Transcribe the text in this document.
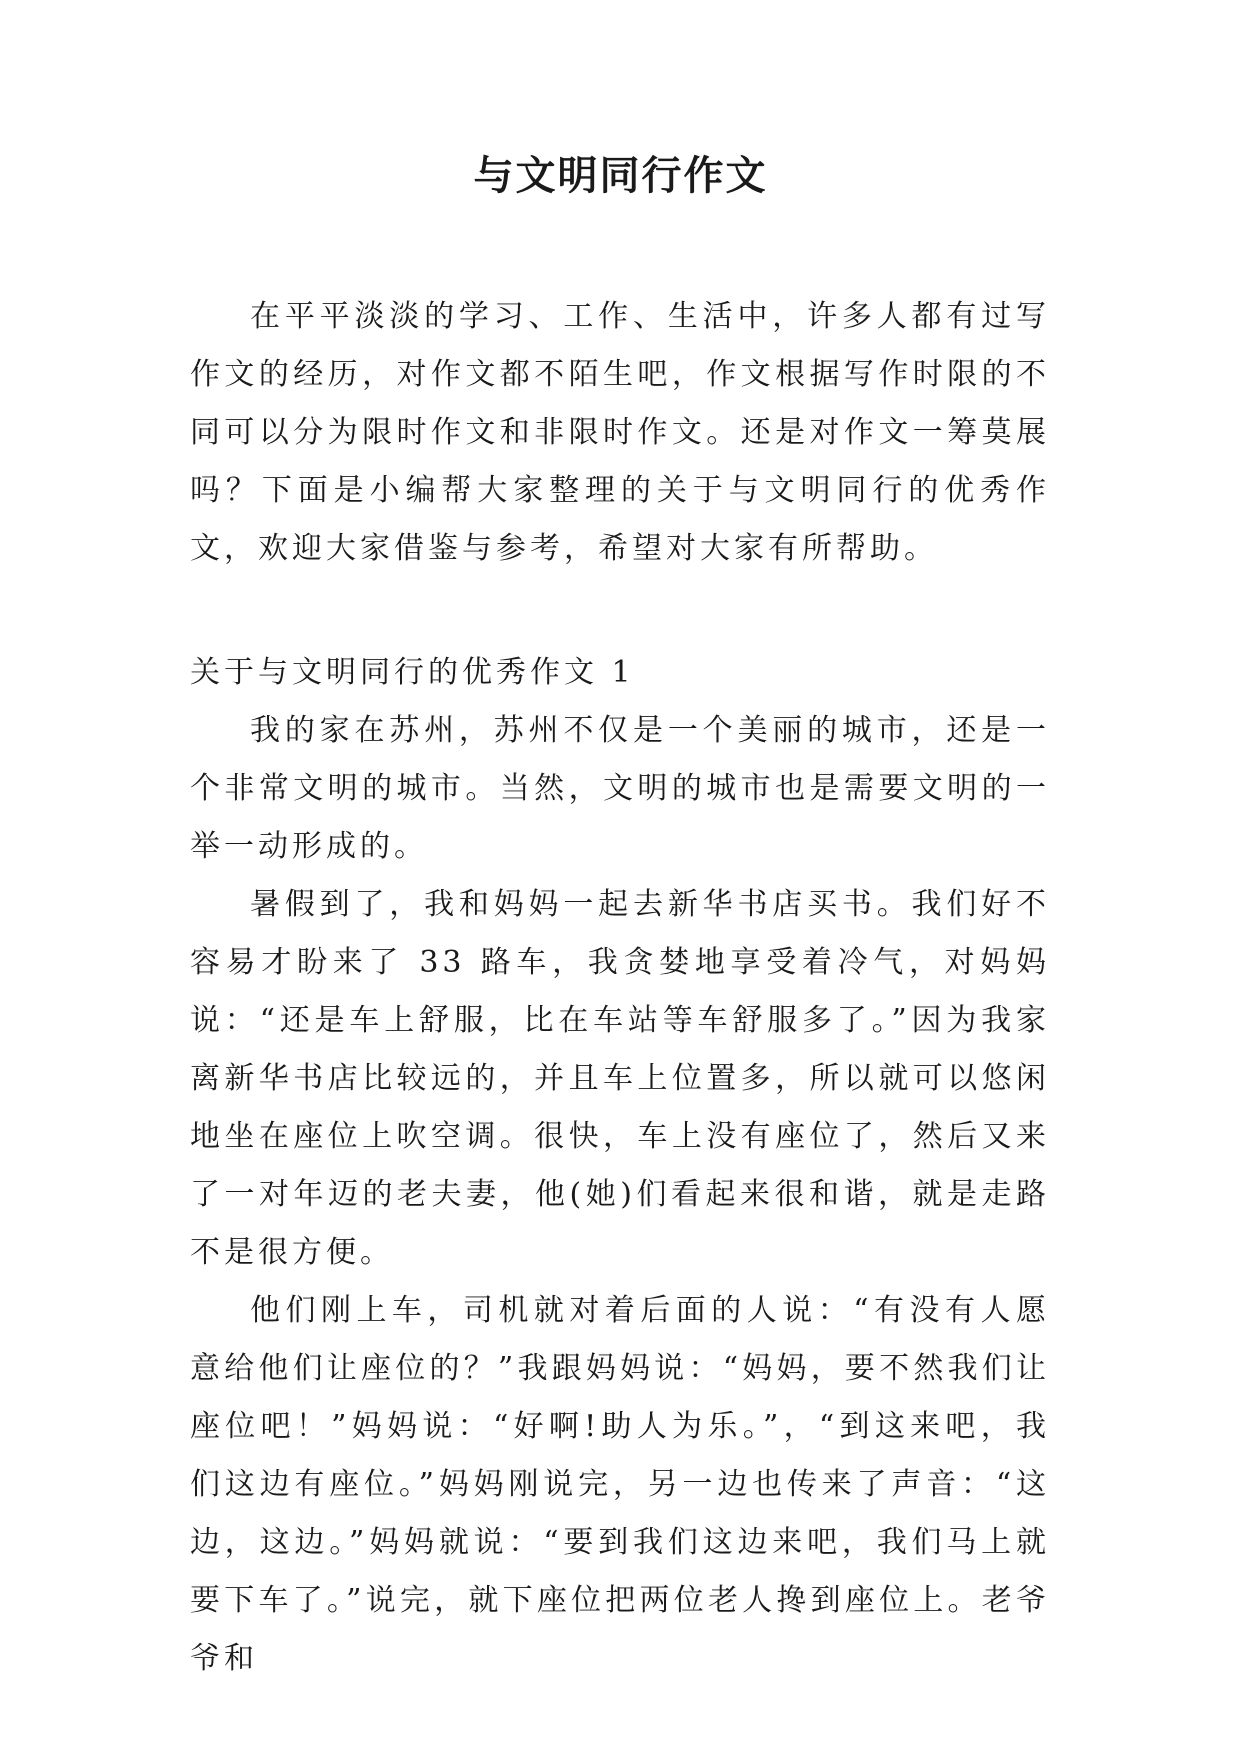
与文明同行作文

在平平淡淡的学习、工作、生活中，许多人都有过写作文的经历，对作文都不陌生吧，作文根据写作时限的不同可以分为限时作文和非限时作文。还是对作文一筹莫展吗？下面是小编帮大家整理的关于与文明同行的优秀作文，欢迎大家借鉴与参考，希望对大家有所帮助。

关于与文明同行的优秀作文 1

我的家在苏州，苏州不仅是一个美丽的城市，还是一个非常文明的城市。当然，文明的城市也是需要文明的一举一动形成的。

暑假到了，我和妈妈一起去新华书店买书。我们好不容易才盼来了 33 路车，我贪婪地享受着冷气，对妈妈说：“还是车上舒服，比在车站等车舒服多了。”因为我家离新华书店比较远的，并且车上位置多，所以就可以悠闲地坐在座位上吹空调。很快，车上没有座位了，然后又来了一对年迈的老夫妻，他(她)们看起来很和谐，就是走路不是很方便。

他们刚上车，司机就对着后面的人说：“有没有人愿意给他们让座位的？”我跟妈妈说：“妈妈，要不然我们让座位吧！”妈妈说：“好啊!助人为乐。”，“到这来吧，我们这边有座位。”妈妈刚说完，另一边也传来了声音：“这边，这边。”妈妈就说：“要到我们这边来吧，我们马上就要下车了。”说完，就下座位把两位老人搀到座位上。老爷爷和
